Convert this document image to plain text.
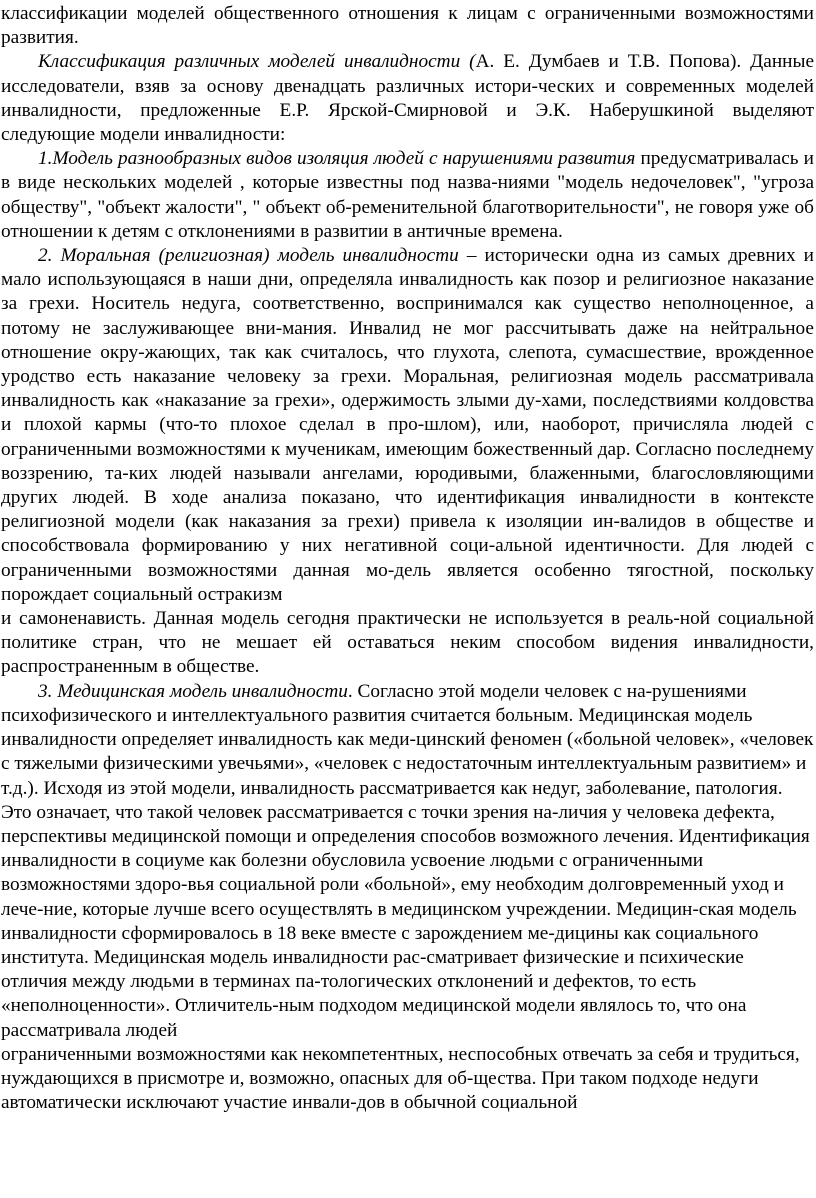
классификации моделей общественного отношения к лицам с ограниченными возможностями развития.

Классификация различных моделей инвалидности (А. Е. Думбаев и Т.В. Попова). Данные исследователи, взяв за основу двенадцать различных истори-ческих и современных моделей инвалидности, предложенные Е.Р. Ярской-Смирновой и Э.К. Наберушкиной выделяют следующие модели инвалидности:

1.Модель разнообразных видов изоляция людей с нарушениями развития предусматривалась и в виде нескольких моделей , которые известны под назва-ниями "модель недочеловек", "угроза обществу", "объект жалости", " объект об-ременительной благотворительности", не говоря уже об отношении к детям с отклонениями в развитии в античные времена.

2. Моральная (религиозная) модель инвалидности – исторически одна из самых древних и мало использующаяся в наши дни, определяла инвалидность как позор и религиозное наказание за грехи. Носитель недуга, соответственно, воспринимался как существо неполноценное, а потому не заслуживающее вни-мания. Инвалид не мог рассчитывать даже на нейтральное отношение окру-жающих, так как считалось, что глухота, слепота, сумасшествие, врожденное уродство есть наказание человеку за грехи. Моральная, религиозная модель рассматривала инвалидность как «наказание за грехи», одержимость злыми ду-хами, последствиями колдовства и плохой кармы (что-то плохое сделал в про-шлом), или, наоборот, причисляла людей с ограниченными возможностями к мученикам, имеющим божественный дар. Согласно последнему воззрению, та-ких людей называли ангелами, юродивыми, блаженными, благословляющими других людей. В ходе анализа показано, что идентификация инвалидности в контексте религиозной модели (как наказания за грехи) привела к изоляции ин-валидов в обществе и способствовала формированию у них негативной соци-альной идентичности. Для людей с ограниченными возможностями данная мо-дель является особенно тягостной, поскольку порождает социальный остракизм

и самоненависть. Данная модель сегодня практически не используется в реаль-ной социальной политике стран, что не мешает ей оставаться неким способом видения инвалидности, распространенным в обществе.

3. Медицинская модель инвалидности. Согласно этой модели человек с на-рушениями психофизического и интеллектуального развития считается больным. Медицинская модель инвалидности определяет инвалидность как меди-цинский феномен («больной человек», «человек с тяжелыми физическими увечьями», «человек с недостаточным интеллектуальным развитием» и т.д.). Исходя из этой модели, инвалидность рассматривается как недуг, заболевание, патология. Это означает, что такой человек рассматривается с точки зрения на-личия у человека дефекта, перспективы медицинской помощи и определения способов возможного лечения. Идентификация инвалидности в социуме как болезни обусловила усвоение людьми с ограниченными возможностями здоро-вья социальной роли «больной», ему необходим долговременный уход и лече-ние, которые лучше всего осуществлять в медицинском учреждении. Медицин-ская модель инвалидности сформировалось в 18 веке вместе с зарождением ме-дицины как социального института. Медицинская модель инвалидности рас-сматривает физические и психические отличия между людьми в терминах па-тологических отклонений и дефектов, то есть «неполноценности». Отличитель-ным подходом медицинской модели являлось то, что она рассматривала людей

ограниченными возможностями как некомпетентных, неспособных отвечать за себя и трудиться, нуждающихся в присмотре и, возможно, опасных для об-щества. При таком подходе недуги автоматически исключают участие инвали-дов в обычной социальной
